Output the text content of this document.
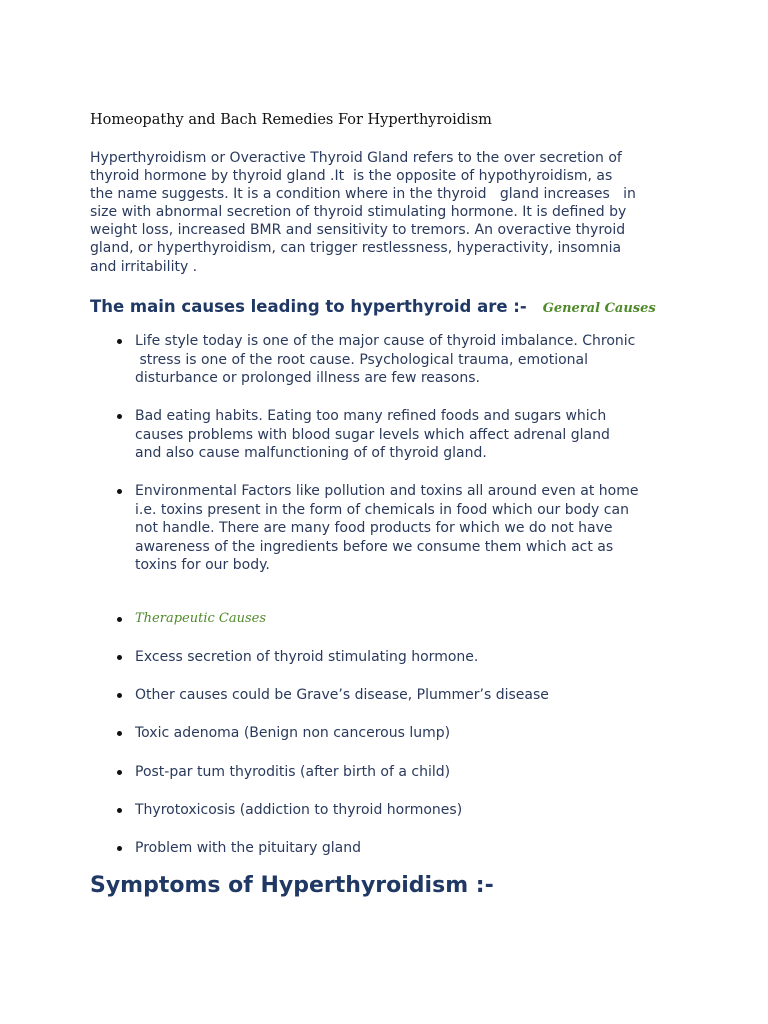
Homeopathy and Bach Remedies For Hyperthyroidism

Hyperthyroidism or Overactive Thyroid Gland refers to the over secretion of
thyroid hormone by thyroid gland .It  is the opposite of hypothyroidism, as
the name suggests. It is a condition where in the thyroid   gland increases   in
size with abnormal secretion of thyroid stimulating hormone. It is defined by
weight loss, increased BMR and sensitivity to tremors. An overactive thyroid
gland, or hyperthyroidism, can trigger restlessness, hyperactivity, insomnia
and irritability .

The main causes leading to hyperthyroid are :- General Causes
Life style today is one of the major cause of thyroid imbalance. Chronic
stress is one of the root cause. Psychological trauma, emotional
disturbance or prolonged illness are few reasons.
Bad eating habits. Eating too many refined foods and sugars which
causes problems with blood sugar levels which affect adrenal gland
and also cause malfunctioning of of thyroid gland.
Environmental Factors like pollution and toxins all around even at home
i.e. toxins present in the form of chemicals in food which our body can
not handle. There are many food products for which we do not have
awareness of the ingredients before we consume them which act as
toxins for our body.
Therapeutic Causes
Excess secretion of thyroid stimulating hormone.
Other causes could be Grave’s disease, Plummer’s disease
Toxic adenoma (Benign non cancerous lump)
Post-par tum thyroditis (after birth of a child)
Thyrotoxicosis (addiction to thyroid hormones)
Problem with the pituitary gland
Symptoms of Hyperthyroidism :-
